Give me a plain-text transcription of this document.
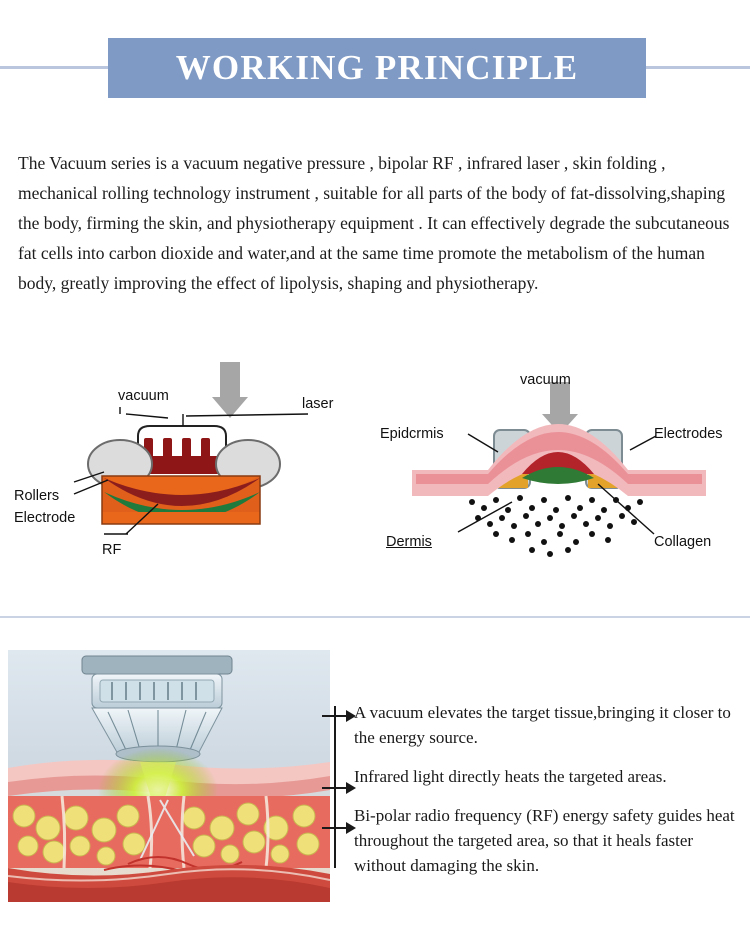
WORKING PRINCIPLE
The Vacuum series is a vacuum negative pressure , bipolar RF , infrared laser , skin folding , mechanical rolling technology instrument , suitable for all parts of the body of fat-dissolving,shaping the body, firming the skin, and physiotherapy equipment . It can effectively degrade the subcutaneous fat cells into carbon dioxide and water,and at the same time promote the metabolism of the human body, greatly improving the effect of lipolysis, shaping and physiotherapy.
vacuum	laser
Rollers
Electrode
RF
vacuum
Epidcrmis	Electrodes
Dermis	Collagen
A vacuum elevates the target tissue,bringing it closer to the energy source.
Infrared light directly heats the targeted areas.
Bi-polar radio frequency (RF) energy safety guides heat throughout the targeted area, so that it heals faster without damaging the skin.
